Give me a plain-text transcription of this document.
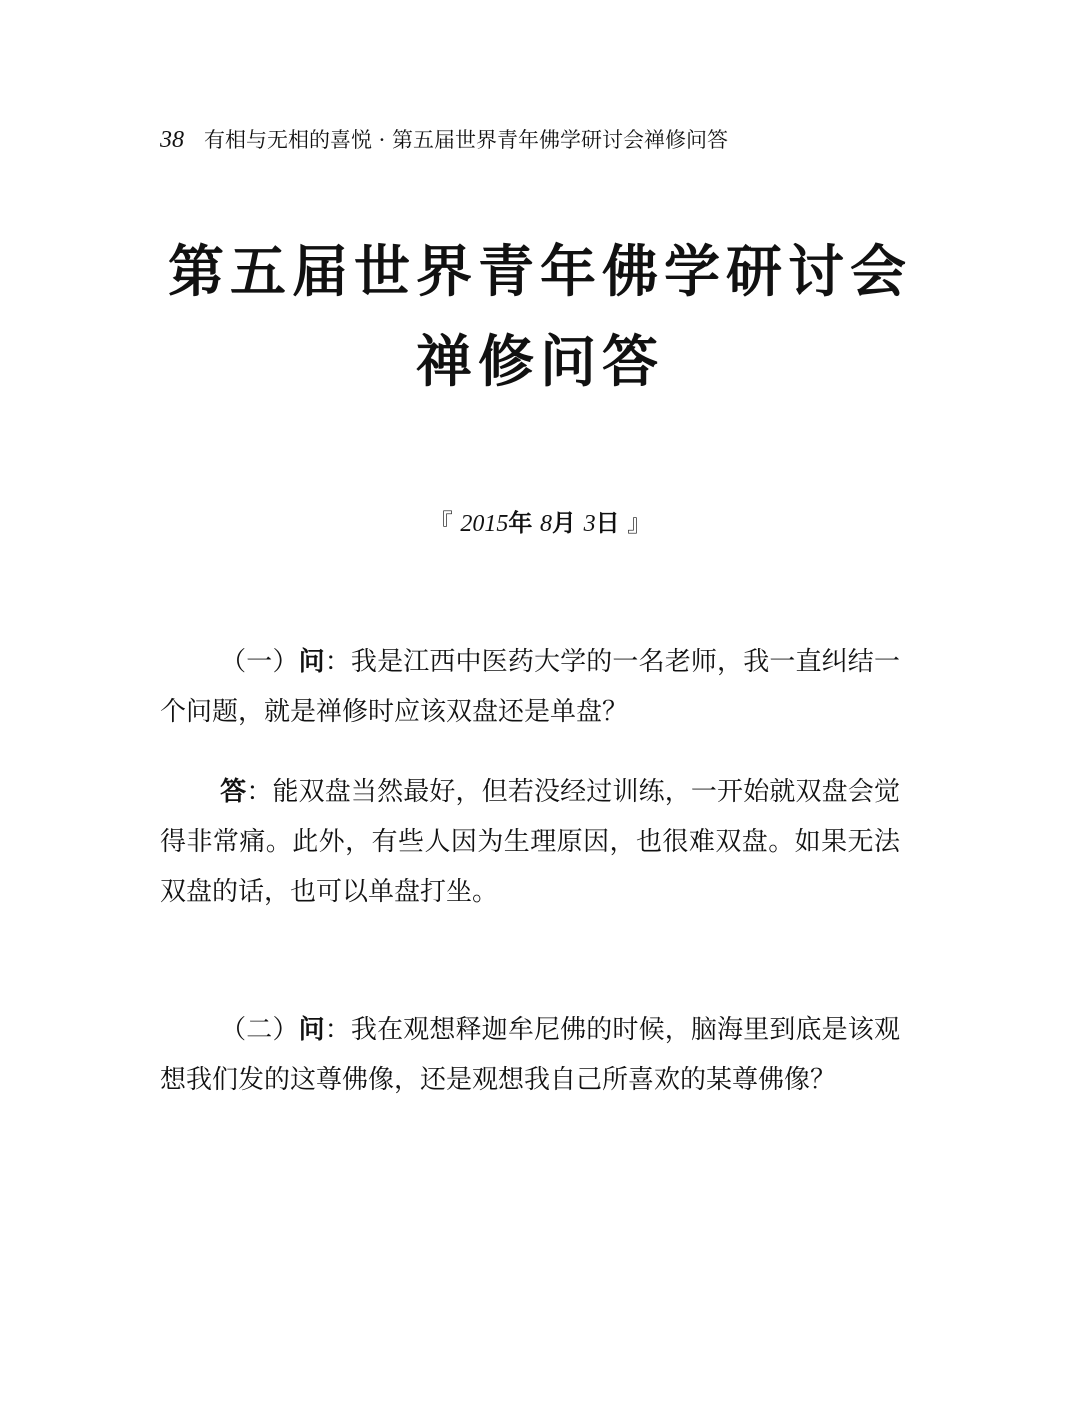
38 有相与无相的喜悦 · 第五届世界青年佛学研讨会禅修问答
第五届世界青年佛学研讨会
禅修问答
『 2015年 8月 3日 』
（一）问：我是江西中医药大学的一名老师，我一直纠结一个问题，就是禅修时应该双盘还是单盘？
答：能双盘当然最好，但若没经过训练，一开始就双盘会觉得非常痛。此外，有些人因为生理原因，也很难双盘。如果无法双盘的话，也可以单盘打坐。
（二）问：我在观想释迦牟尼佛的时候，脑海里到底是该观想我们发的这尊佛像，还是观想我自己所喜欢的某尊佛像？
